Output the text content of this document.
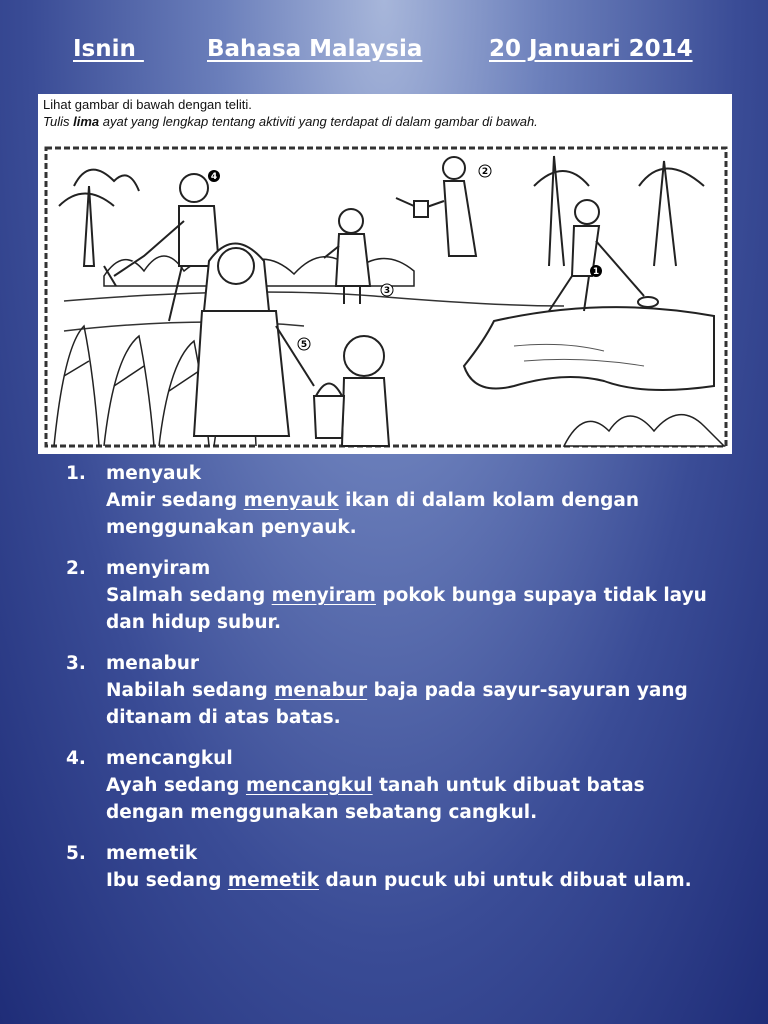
Isnin	Bahasa Malaysia	20 Januari 2014
Lihat gambar di bawah dengan teliti.
Tulis lima ayat yang lengkap tentang aktiviti yang terdapat di dalam gambar di bawah.
1
2
3
4
5
1. menyauk
Amir sedang menyauk ikan di dalam kolam dengan menggunakan penyauk.
2. menyiram
Salmah sedang menyiram pokok bunga supaya tidak layu dan hidup subur.
3. menabur
Nabilah sedang menabur baja pada sayur-sayuran yang ditanam di atas batas.
4. mencangkul
Ayah sedang mencangkul tanah untuk dibuat batas dengan menggunakan sebatang cangkul.
5. memetik
Ibu sedang memetik daun pucuk ubi untuk dibuat ulam.
